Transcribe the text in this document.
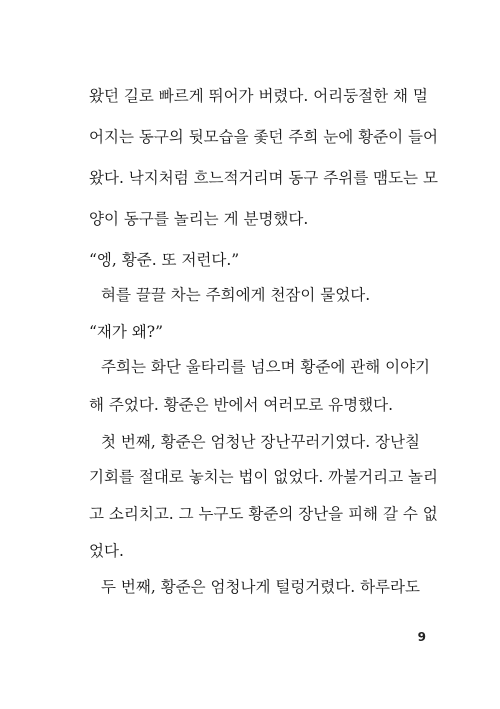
왔던 길로 빠르게 뛰어가 버렸다. 어리둥절한 채 멀
어지는 동구의 뒷모습을 좇던 주희 눈에 황준이 들어
왔다. 낙지처럼 흐느적거리며 동구 주위를 맴도는 모
양이 동구를 놀리는 게 분명했다.
“엥, 황준. 또 저런다.”
혀를 끌끌 차는 주희에게 천잠이 물었다.
“재가 왜?”
주희는 화단 울타리를 넘으며 황준에 관해 이야기
해 주었다. 황준은 반에서 여러모로 유명했다.
첫 번째, 황준은 엄청난 장난꾸러기였다. 장난칠
기회를 절대로 놓치는 법이 없었다. 까불거리고 놀리
고 소리치고. 그 누구도 황준의 장난을 피해 갈 수 없
었다.
두 번째, 황준은 엄청나게 털렁거렸다. 하루라도
9
